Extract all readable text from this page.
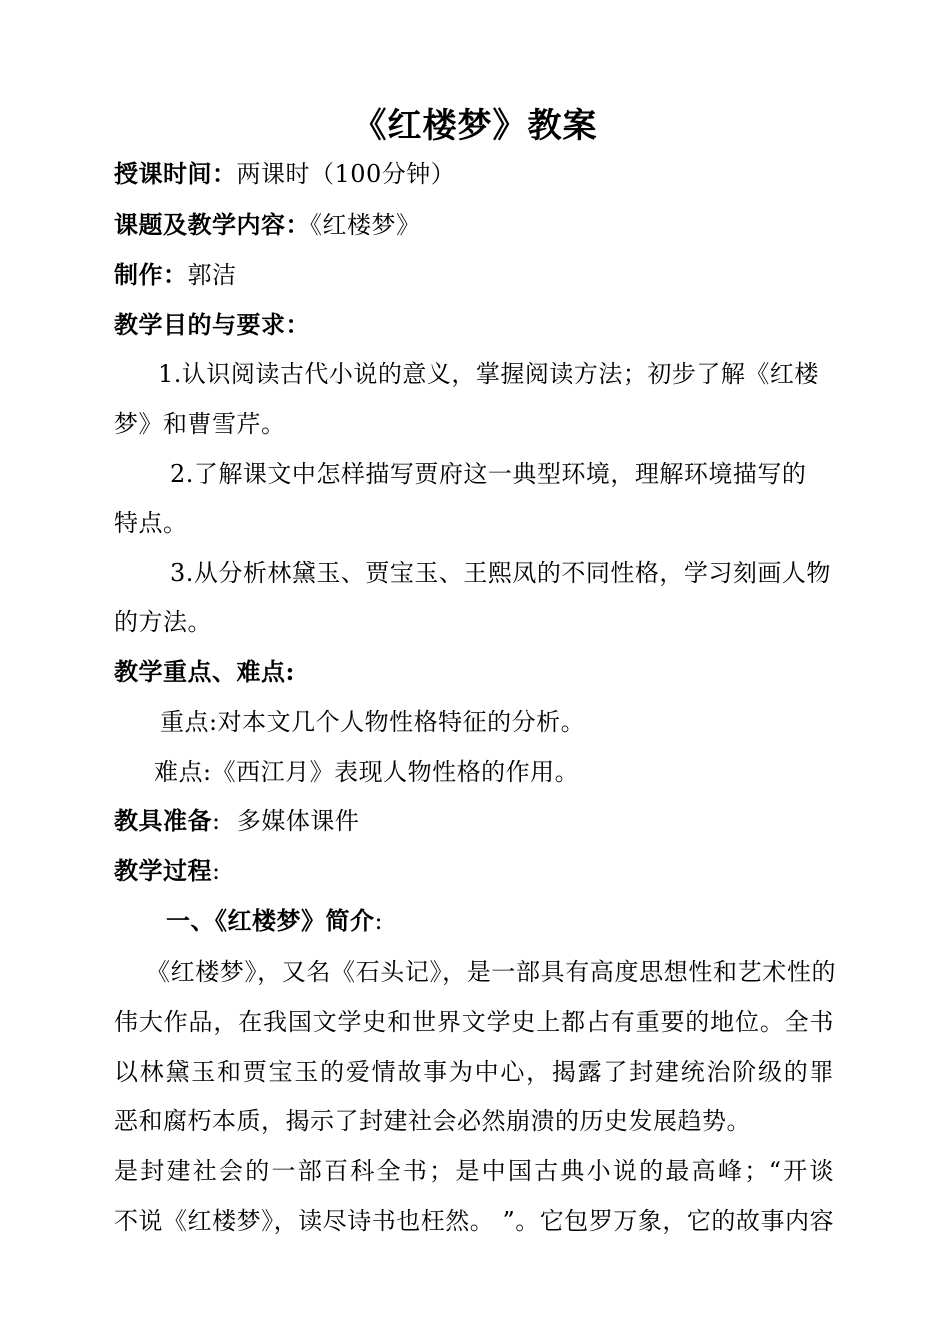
《红楼梦》教案
授课时间：两课时（100分钟）
课题及教学内容：《红楼梦》
制作：郭洁
教学目的与要求：
1.认识阅读古代小说的意义，掌握阅读方法；初步了解《红楼
梦》和曹雪芹。
2.了解课文中怎样描写贾府这一典型环境，理解环境描写的
特点。
3.从分析林黛玉、贾宝玉、王熙凤的不同性格，学习刻画人物
的方法。
教学重点、难点:
重点:对本文几个人物性格特征的分析。
难点:《西江月》表现人物性格的作用。
教具准备:  多媒体课件
教学过程:
一、《红楼梦》简介:
《红楼梦》，又名《石头记》，是一部具有高度思想性和艺术性的
伟大作品，在我国文学史和世界文学史上都占有重要的地位。全书
以林黛玉和贾宝玉的爱情故事为中心，揭露了封建统治阶级的罪
恶和腐朽本质，揭示了封建社会必然崩溃的历史发展趋势。
是封建社会的一部百科全书；是中国古典小说的最高峰；“开谈
不说《红楼梦》，读尽诗书也枉然。 ”。它包罗万象，它的故事内容
